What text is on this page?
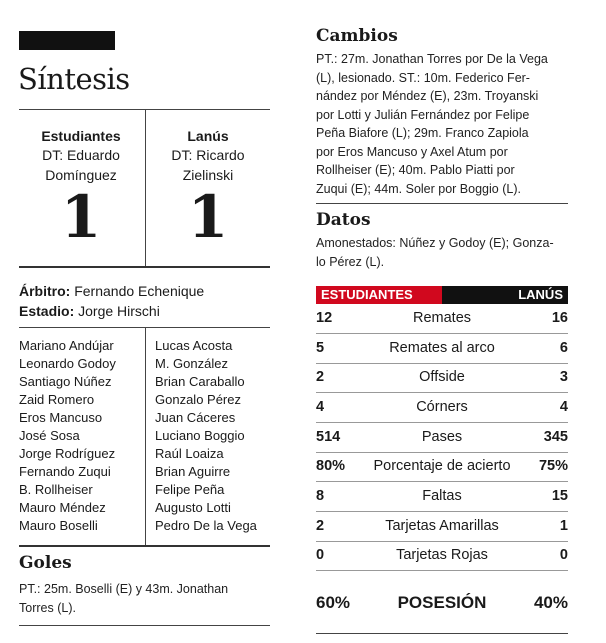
Síntesis
Estudiantes
DT: Eduardo
Domínguez
1
Lanús
DT: Ricardo
Zielinski
1
Árbitro: Fernando Echenique
Estadio: Jorge Hirschi
Mariano Andújar
Leonardo Godoy
Santiago Núñez
Zaid Romero
Eros Mancuso
José Sosa
Jorge Rodríguez
Fernando Zuqui
B. Rollheiser
Mauro Méndez
Mauro Boselli
Lucas Acosta
M. González
Brian Caraballo
Gonzalo Pérez
Juan Cáceres
Luciano Boggio
Raúl Loaiza
Brian Aguirre
Felipe Peña
Augusto Lotti
Pedro De la Vega
Goles
PT.: 25m. Boselli (E) y 43m. Jonathan
Torres (L).
Cambios
PT.: 27m. Jonathan Torres por De la Vega
(L), lesionado. ST.: 10m. Federico Fer-
nández por Méndez (E), 23m. Troyanski
por Lotti y Julián Fernández por Felipe
Peña Biafore (L); 29m. Franco Zapiola
por Eros Mancuso y Axel Atum por
Rollheiser (E); 40m. Pablo Piatti por
Zuqui (E); 44m. Soler por Boggio (L).
Datos
Amonestados: Núñez y Godoy (E); Gonza-
lo Pérez (L).
ESTUDIANTES	LANÚS
12	Remates	16
5	Remates al arco	6
2	Offside	3
4	Córners	4
514	Pases	345
80%	Porcentaje de acierto	75%
8	Faltas	15
2	Tarjetas Amarillas	1
0	Tarjetas Rojas	0
60%	POSESIÓN	40%
